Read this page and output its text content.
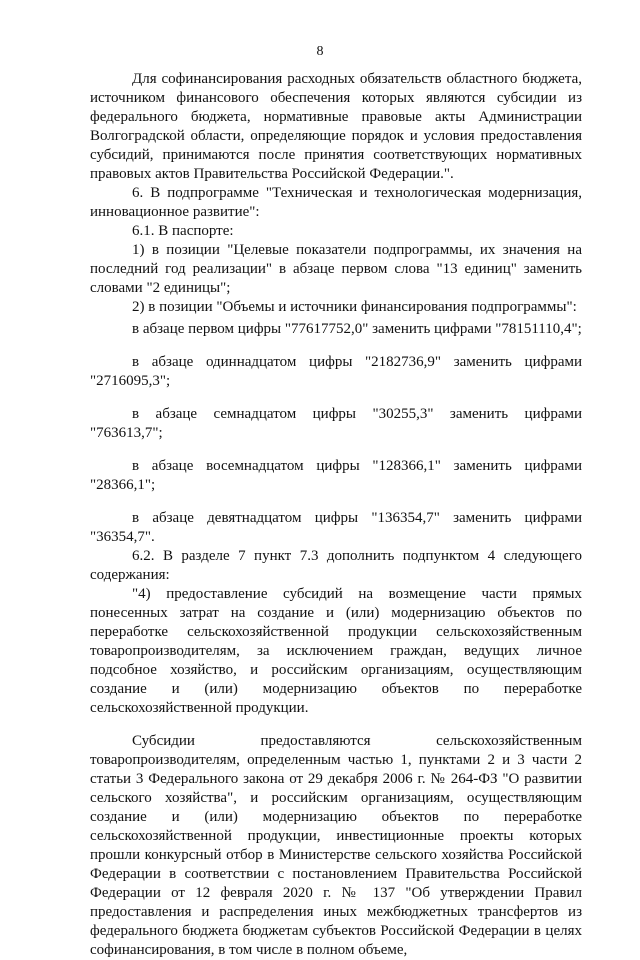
8

Для софинансирования расходных обязательств областного бюджета, источником финансового обеспечения которых являются субсидии из федерального бюджета, нормативные правовые акты Администрации Волгоградской области, определяющие порядок и условия предоставления субсидий, принимаются после принятия соответствующих нормативных правовых актов Правительства Российской Федерации.".

6. В подпрограмме "Техническая и технологическая модернизация, инновационное развитие":

6.1. В паспорте:

1) в позиции "Целевые показатели подпрограммы, их значения на последний год реализации" в абзаце первом слова "13 единиц" заменить словами "2 единицы";

2) в позиции "Объемы и источники финансирования подпрограммы":

в абзаце первом цифры "77617752,0" заменить цифрами "78151110,4";

в абзаце одиннадцатом цифры "2182736,9" заменить цифрами "2716095,3";

в абзаце семнадцатом цифры "30255,3" заменить цифрами "763613,7";

в абзаце восемнадцатом цифры "128366,1" заменить цифрами "28366,1";

в абзаце девятнадцатом цифры "136354,7" заменить цифрами "36354,7".

6.2. В разделе 7 пункт 7.3 дополнить подпунктом 4 следующего содержания:

"4) предоставление субсидий на возмещение части прямых понесенных затрат на создание и (или) модернизацию объектов по переработке сельскохозяйственной продукции сельскохозяйственным товаропроизводителям, за исключением граждан, ведущих личное подсобное хозяйство, и российским организациям, осуществляющим создание и (или) модернизацию объектов по переработке сельскохозяйственной продукции.

Субсидии предоставляются сельскохозяйственным товаропроизводителям, определенным частью 1, пунктами 2 и 3 части 2 статьи 3 Федерального закона от 29 декабря 2006 г. № 264-ФЗ "О развитии сельского хозяйства", и российским организациям, осуществляющим создание и (или) модернизацию объектов по переработке сельскохозяйственной продукции, инвестиционные проекты которых прошли конкурсный отбор в Министерстве сельского хозяйства Российской Федерации в соответствии с постановлением Правительства Российской Федерации от 12 февраля 2020 г. № 137 "Об утверждении Правил предоставления и распределения иных межбюджетных трансфертов из федерального бюджета бюджетам субъектов Российской Федерации в целях софинансирования, в том числе в полном объеме,
